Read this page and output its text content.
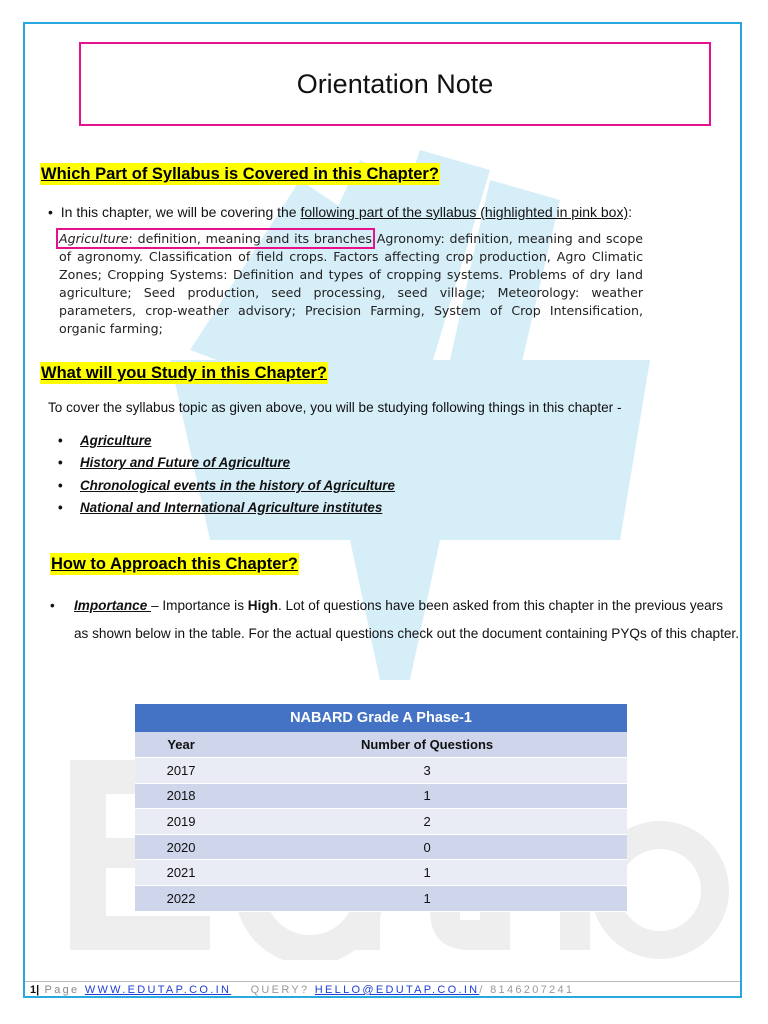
Orientation Note
Which Part of Syllabus is Covered in this Chapter?
• In this chapter, we will be covering the following part of the syllabus (highlighted in pink box):
Agriculture: definition, meaning and its branches Agronomy: definition, meaning and scope of agronomy. Classification of field crops. Factors affecting crop production, Agro Climatic Zones; Cropping Systems: Definition and types of cropping systems. Problems of dry land agriculture; Seed production, seed processing, seed village; Meteorology: weather parameters, crop-weather advisory; Precision Farming, System of Crop Intensification, organic farming;
What will you Study in this Chapter?
To cover the syllabus topic as given above, you will be studying following things in this chapter -
• Agriculture
• History and Future of Agriculture
• Chronological events in the history of Agriculture
• National and International Agriculture institutes
How to Approach this Chapter?
• Importance – Importance is High. Lot of questions have been asked from this chapter in the previous years as shown below in the table. For the actual questions check out the document containing PYQs of this chapter.
NABARD Grade A Phase-1	
Year	Number of Questions
2017	3
2018	1
2019	2
2020	0
2021	1
2022	1
1| Page WWW.EDUTAP.CO.IN QUERY? HELLO@EDUTAP.CO.IN/ 8146207241
